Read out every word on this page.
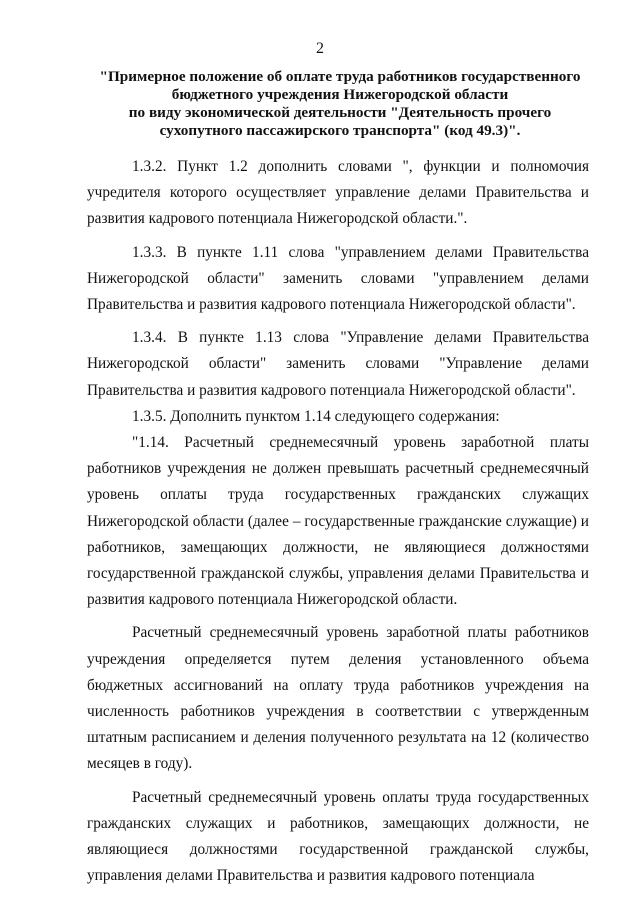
2
"Примерное положение об оплате труда работников государственного
бюджетного учреждения Нижегородской области
по виду экономической деятельности "Деятельность прочего
сухопутного пассажирского транспорта" (код 49.3)".

1.3.2. Пункт 1.2 дополнить словами ", функции и полномочия учредителя которого осуществляет управление делами Правительства и развития кадрового потенциала Нижегородской области.".

1.3.3. В пункте 1.11 слова "управлением делами Правительства Нижегородской области" заменить словами "управлением делами Правительства и развития кадрового потенциала Нижегородской области".

1.3.4. В пункте 1.13 слова "Управление делами Правительства Нижегородской области" заменить словами "Управление делами Правительства и развития кадрового потенциала Нижегородской области".

1.3.5. Дополнить пунктом 1.14 следующего содержания:

"1.14. Расчетный среднемесячный уровень заработной платы работников учреждения не должен превышать расчетный среднемесячный уровень оплаты труда государственных гражданских служащих Нижегородской области (далее – государственные гражданские служащие) и работников, замещающих должности, не являющиеся должностями государственной гражданской службы, управления делами Правительства и развития кадрового потенциала Нижегородской области.

Расчетный среднемесячный уровень заработной платы работников учреждения определяется путем деления установленного объема бюджетных ассигнований на оплату труда работников учреждения на численность работников учреждения в соответствии с утвержденным штатным расписанием и деления полученного результата на 12 (количество месяцев в году).

Расчетный среднемесячный уровень оплаты труда государственных гражданских служащих и работников, замещающих должности, не являющиеся должностями государственной гражданской службы, управления делами Правительства и развития кадрового потенциала
